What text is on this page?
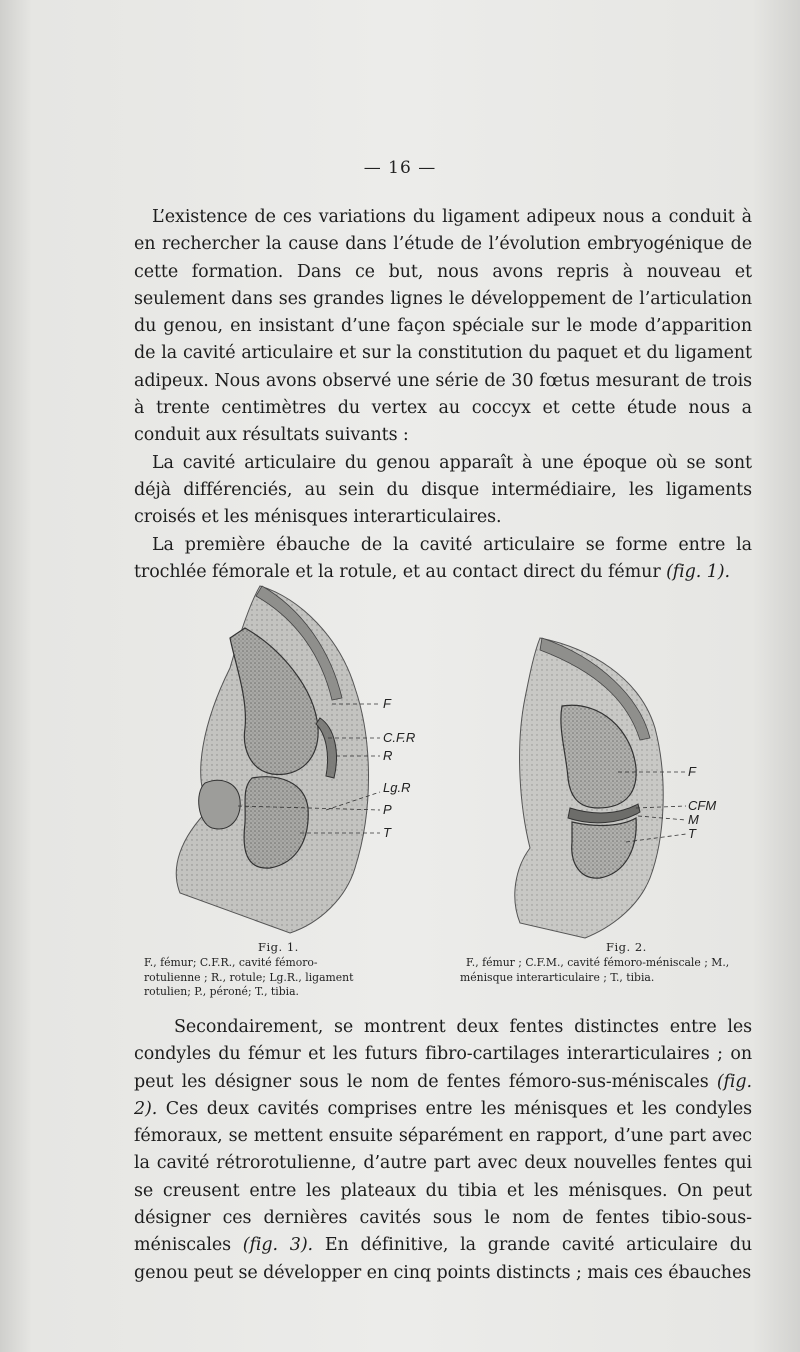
— 16 —

L’existence de ces variations du ligament adipeux nous a conduit à en rechercher la cause dans l’étude de l’évolution embryogénique de cette formation. Dans ce but, nous avons repris à nouveau et seulement dans ses grandes lignes le développement de l’articulation du genou, en insistant d’une façon spéciale sur le mode d’apparition de la cavité articulaire et sur la constitution du paquet et du ligament adipeux. Nous avons observé une série de 30 fœtus mesurant de trois à trente centimètres du vertex au coccyx et cette étude nous a conduit aux résultats suivants :

La cavité articulaire du genou apparaît à une époque où se sont déjà différenciés, au sein du disque intermédiaire, les ligaments croisés et les ménisques interarticulaires.

La première ébauche de la cavité articulaire se forme entre la trochlée fémorale et la rotule, et au contact direct du fémur (fig. 1).

F
C.F.R
R
Lg.R
P
T
F
CFM
M
T
Fig. 1.	Fig. 2.

F., fémur; C.F.R., cavité fémoro-rotulienne ; R., rotule; Lg.R., ligament rotulien; P., péroné; T., tibia.

F., fémur ; C.F.M., cavité fémoro-méniscale ; M., ménisque interarticulaire ; T., tibia.

Secondairement, se montrent deux fentes distinctes entre les condyles du fémur et les futurs fibro-cartilages interarticulaires ; on peut les désigner sous le nom de fentes fémoro-sus-méniscales (fig. 2). Ces deux cavités comprises entre les ménisques et les condyles fémoraux, se mettent ensuite séparément en rapport, d’une part avec la cavité rétrorotulienne, d’autre part avec deux nouvelles fentes qui se creusent entre les plateaux du tibia et les ménisques. On peut désigner ces dernières cavités sous le nom de fentes tibio-sous-méniscales (fig. 3). En définitive, la grande cavité articulaire du genou peut se développer en cinq points distincts ; mais ces ébauches
